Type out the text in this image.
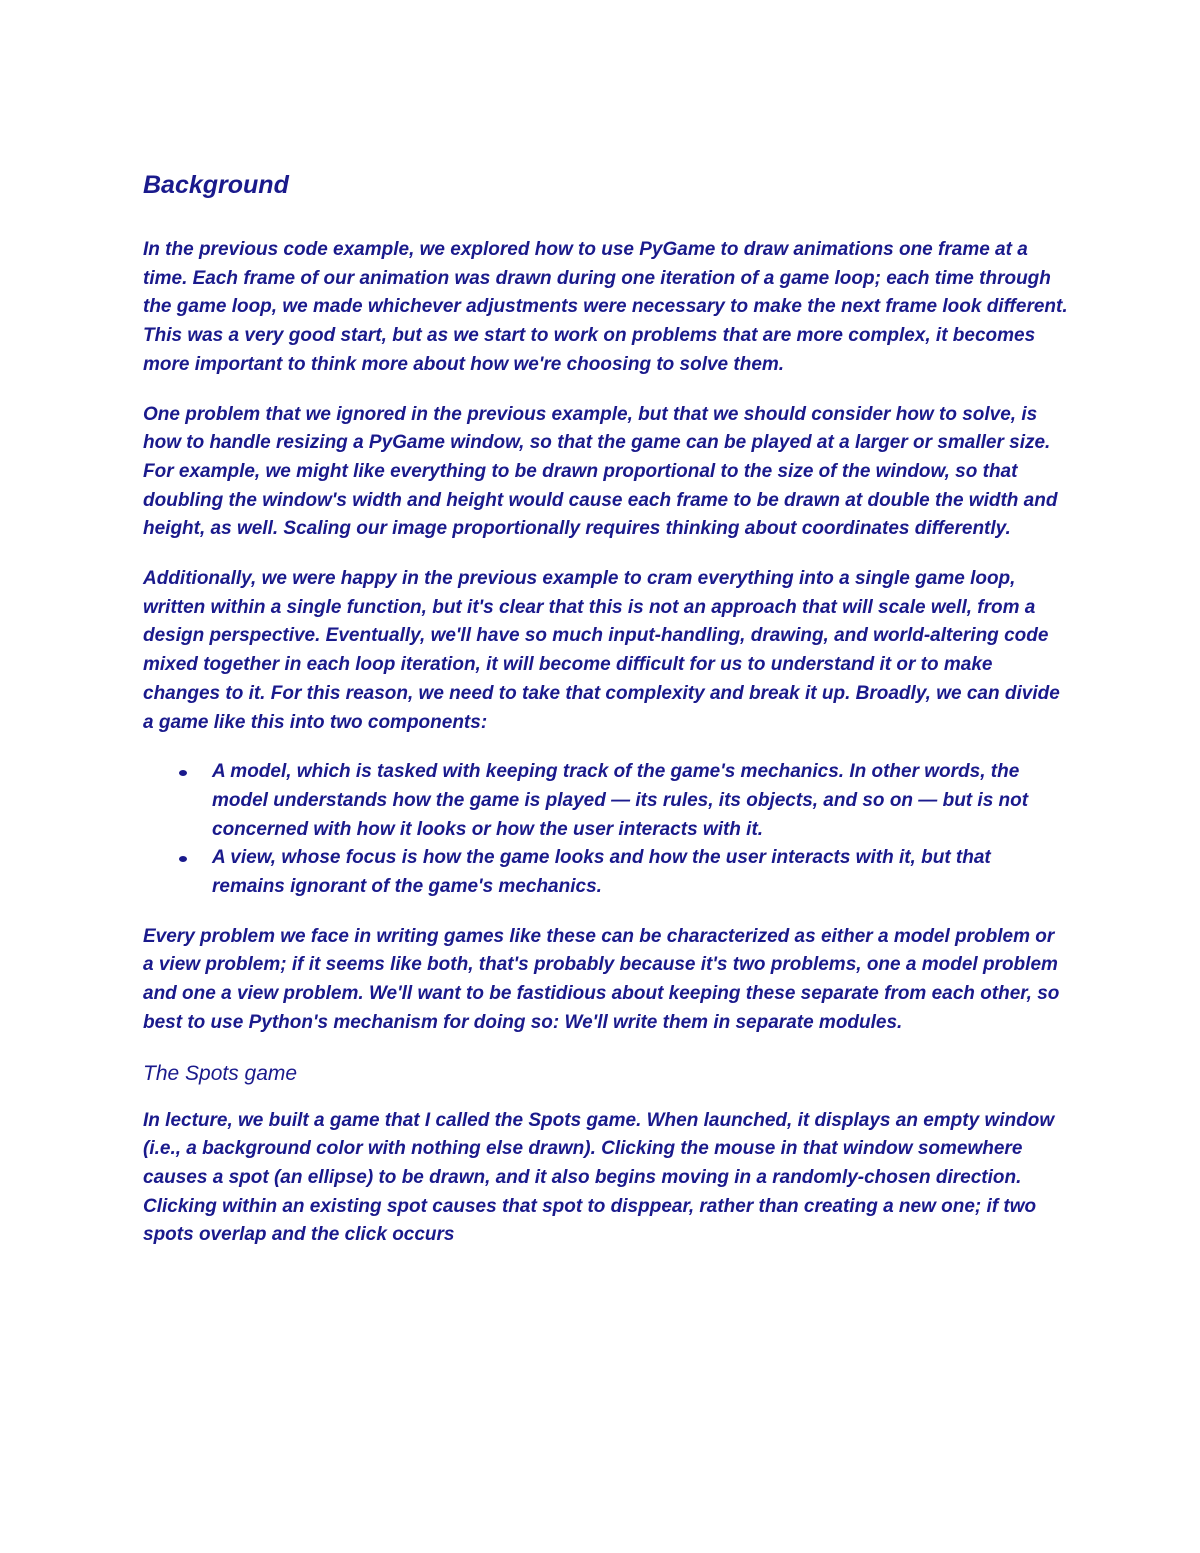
Background

In the previous code example, we explored how to use PyGame to draw animations one frame at a time. Each frame of our animation was drawn during one iteration of a game loop; each time through the game loop, we made whichever adjustments were necessary to make the next frame look different. This was a very good start, but as we start to work on problems that are more complex, it becomes more important to think more about how we're choosing to solve them.

One problem that we ignored in the previous example, but that we should consider how to solve, is how to handle resizing a PyGame window, so that the game can be played at a larger or smaller size. For example, we might like everything to be drawn proportional to the size of the window, so that doubling the window's width and height would cause each frame to be drawn at double the width and height, as well. Scaling our image proportionally requires thinking about coordinates differently.

Additionally, we were happy in the previous example to cram everything into a single game loop, written within a single function, but it's clear that this is not an approach that will scale well, from a design perspective. Eventually, we'll have so much input-handling, drawing, and world-altering code mixed together in each loop iteration, it will become difficult for us to understand it or to make changes to it. For this reason, we need to take that complexity and break it up. Broadly, we can divide a game like this into two components:

A model, which is tasked with keeping track of the game's mechanics. In other words, the model understands how the game is played — its rules, its objects, and so on — but is not concerned with how it looks or how the user interacts with it.
A view, whose focus is how the game looks and how the user interacts with it, but that remains ignorant of the game's mechanics.

Every problem we face in writing games like these can be characterized as either a model problem or a view problem; if it seems like both, that's probably because it's two problems, one a model problem and one a view problem. We'll want to be fastidious about keeping these separate from each other, so best to use Python's mechanism for doing so: We'll write them in separate modules.

The Spots game

In lecture, we built a game that I called the Spots game. When launched, it displays an empty window (i.e., a background color with nothing else drawn). Clicking the mouse in that window somewhere causes a spot (an ellipse) to be drawn, and it also begins moving in a randomly-chosen direction. Clicking within an existing spot causes that spot to disppear, rather than creating a new one; if two spots overlap and the click occurs
